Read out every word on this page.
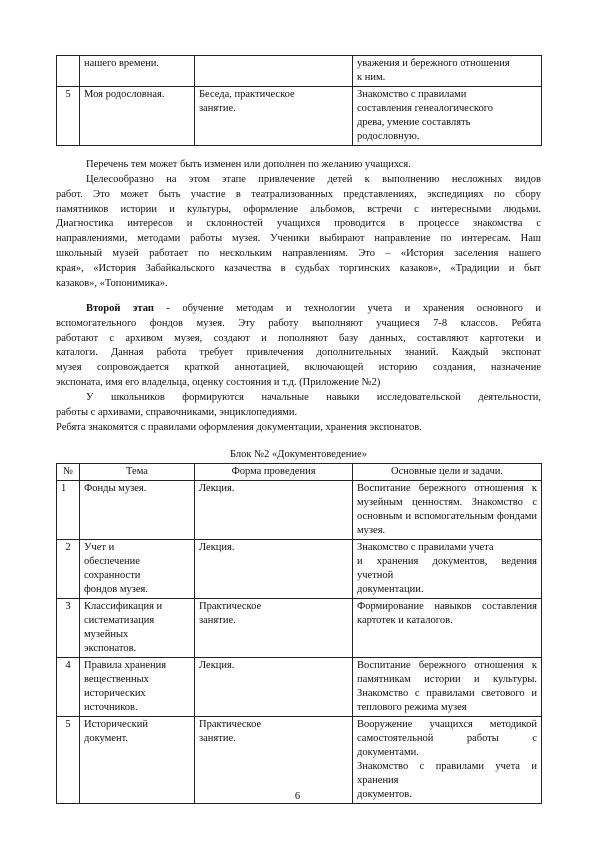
	нашего времени.		уважения и бережного отношения
к ним.

5	Моя родословная.	Беседа, практическое
занятие.	Знакомство с правилами
составления генеалогического
древа, умение составлять
родословную.
Перечень тем может быть изменен или дополнен по желанию учащихся.
Целесообразно на этом этапе привлечение детей к выполнению несложных видов
работ. Это может быть участие в театрализованных представлениях, экспедициях по сбору
памятников истории и культуры, оформление альбомов, встречи с интересными людьми.
Диагностика интересов и склонностей учащихся проводится в процессе знакомства с
направлениями, методами работы музея. Ученики выбирают направление по интересам. Наш
школьный музей работает по нескольким направлениям. Это – «История заселения нашего
края», «История Забайкальского казачества в судьбах торгинских казаков», «Традиции и быт
казаков», «Топонимика».
Второй этап - обучение методам и технологии учета и хранения основного и
вспомогательного фондов музея. Эту работу выполняют учащиеся 7-8 классов. Ребята
работают с архивом музея, создают и пополняют базу данных, составляют картотеки и
каталоги. Данная работа требует привлечения дополнительных знаний. Каждый экспонат
музея сопровождается краткой аннотацией, включающей историю создания, назначение
экспоната, имя его владельца, оценку состояния и т.д. (Приложение №2)
У школьников формируются начальные навыки исследовательской деятельности,
работы с архивами, справочниками, энциклопедиями.
Ребята знакомятся с правилами оформления документации, хранения экспонатов.
Блок №2 «Документоведение»
№	Тема	Форма проведения	Основные цели и задачи.
1	Фонды музея.	Лекция.	Воспитание бережного отношения к
музейным ценностям. Знакомство с
основным и вспомогательным фондами
музея.

2	Учет и
обеспечение
сохранности
фондов музея.	Лекция.	Знакомство с правилами учета
и хранения документов, ведения учетной
документации.

3	Классификация и
систематизация
музейных
экспонатов.	Практическое
занятие.	Формирование навыков составления
картотек и каталогов.

4	Правила хранения
вещественных
исторических
источников.	Лекция.	Воспитание бережного отношения к
памятникам истории и культуры.
Знакомство с правилами светового и
теплового режима музея

5	Исторический
документ.	Практическое
занятие.	Вооружение учащихся методикой
самостоятельной работы с документами.
Знакомство с правилами учета и хранения
документов.
6
